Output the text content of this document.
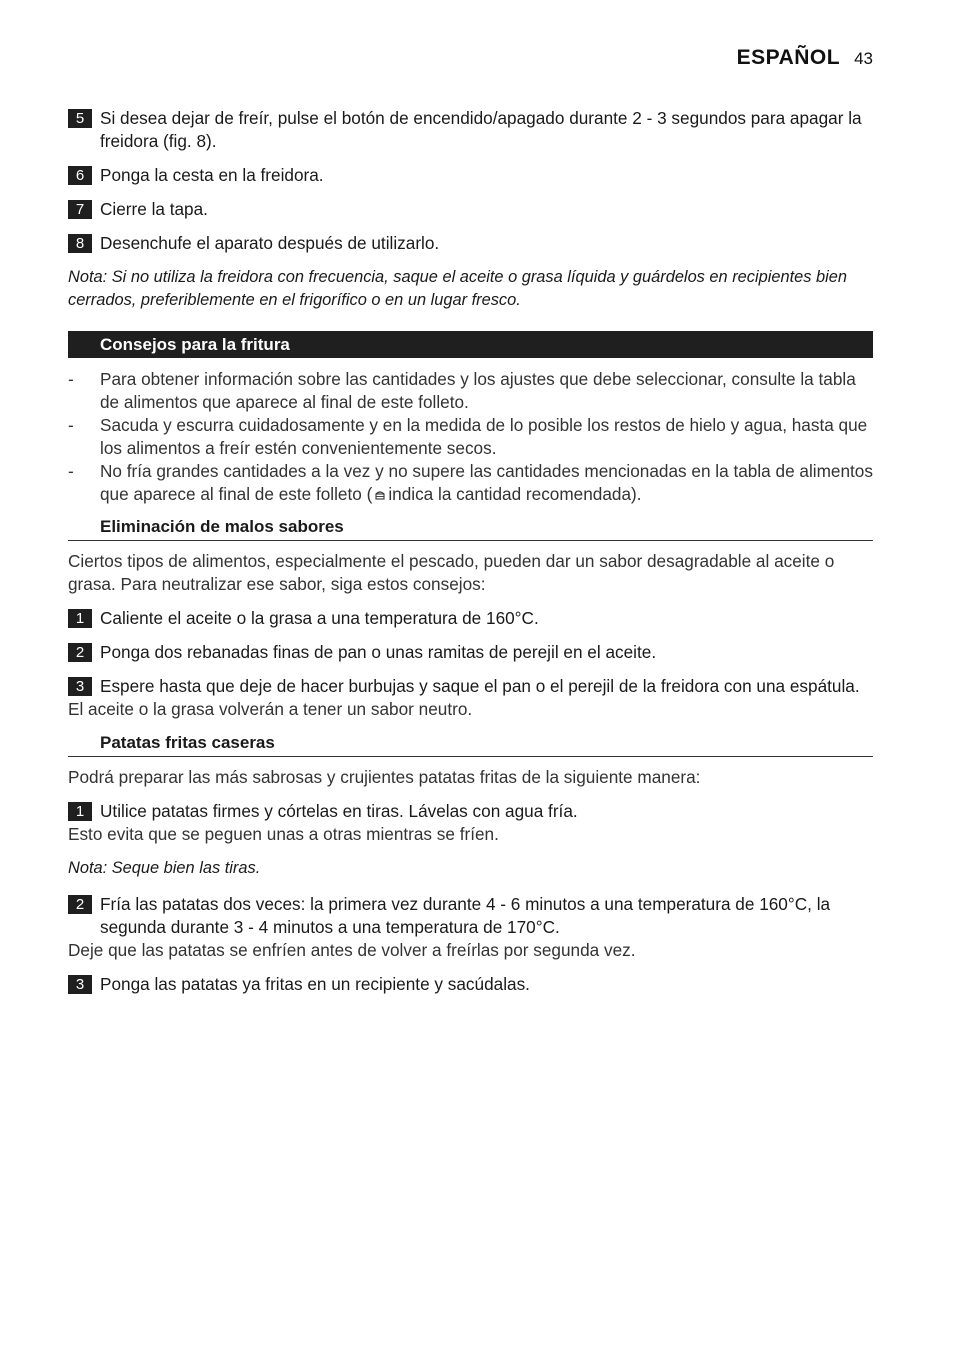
ESPAÑOL 43
5 Si desea dejar de freír, pulse el botón de encendido/apagado durante 2 - 3 segundos para apagar la freidora (fig. 8).
6 Ponga la cesta en la freidora.
7 Cierre la tapa.
8 Desenchufe el aparato después de utilizarlo.
Nota: Si no utiliza la freidora con frecuencia, saque el aceite o grasa líquida y guárdelos en recipientes bien cerrados, preferiblemente en el frigorífico o en un lugar fresco.
Consejos para la fritura
- Para obtener información sobre las cantidades y los ajustes que debe seleccionar, consulte la tabla de alimentos que aparece al final de este folleto.
- Sacuda y escurra cuidadosamente y en la medida de lo posible los restos de hielo y agua, hasta que los alimentos a freír estén convenientemente secos.
- No fría grandes cantidades a la vez y no supere las cantidades mencionadas en la tabla de alimentos que aparece al final de este folleto ( indica la cantidad recomendada).
Eliminación de malos sabores
Ciertos tipos de alimentos, especialmente el pescado, pueden dar un sabor desagradable al aceite o grasa. Para neutralizar ese sabor, siga estos consejos:
1 Caliente el aceite o la grasa a una temperatura de 160°C.
2 Ponga dos rebanadas finas de pan o unas ramitas de perejil en el aceite.
3 Espere hasta que deje de hacer burbujas y saque el pan o el perejil de la freidora con una espátula.
El aceite o la grasa volverán a tener un sabor neutro.
Patatas fritas caseras
Podrá preparar las más sabrosas y crujientes patatas fritas de la siguiente manera:
1 Utilice patatas firmes y córtelas en tiras. Lávelas con agua fría.
Esto evita que se peguen unas a otras mientras se fríen.
Nota: Seque bien las tiras.
2 Fría las patatas dos veces: la primera vez durante 4 - 6 minutos a una temperatura de 160°C, la segunda durante 3 - 4 minutos a una temperatura de 170°C.
Deje que las patatas se enfríen antes de volver a freírlas por segunda vez.
3 Ponga las patatas ya fritas en un recipiente y sacúdalas.
